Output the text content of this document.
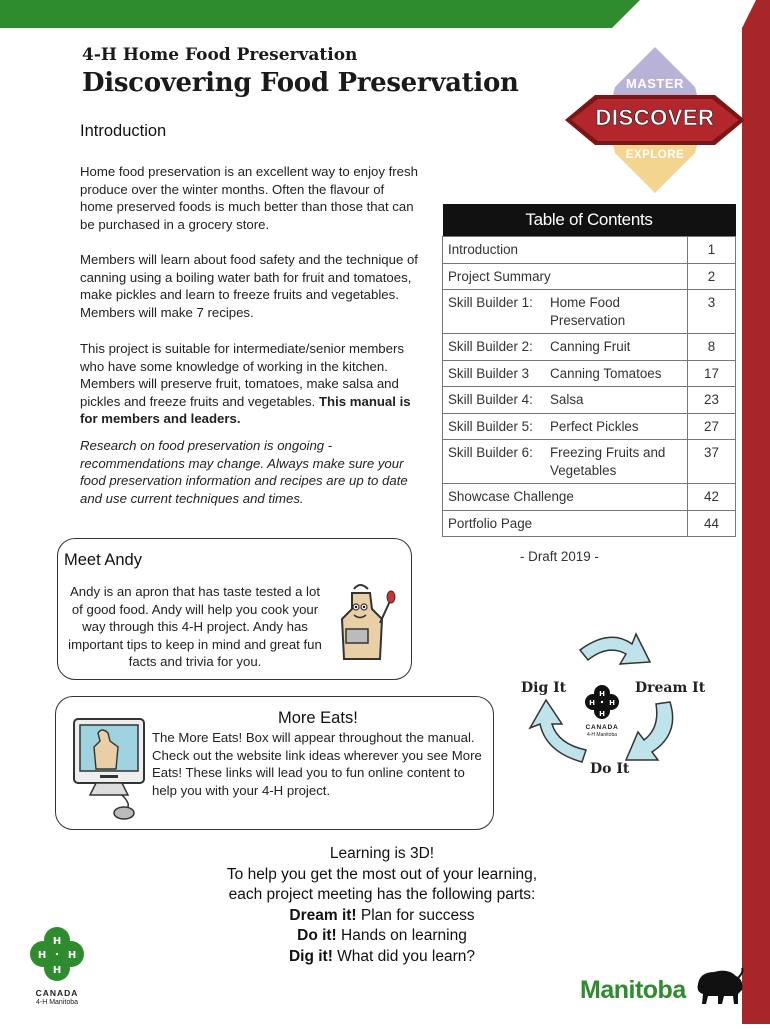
4-H Home Food Preservation
Discovering Food Preservation	MASTER
DISCOVER
EXPLORE
Introduction
Home food preservation is an excellent way to enjoy fresh produce over the winter months. Often the flavour of home preserved foods is much better than those that can be purchased in a grocery store.
Members will learn about food safety and the technique of canning using a boiling water bath for fruit and tomatoes, make pickles and learn to freeze fruits and vegetables. Members will make 7 recipes.
This project is suitable for intermediate/senior members who have some knowledge of working in the kitchen. Members will preserve fruit, tomatoes, make salsa and pickles and freeze fruits and vegetables. This manual is for members and leaders.
Research on food preservation is ongoing - recommendations may change. Always make sure your food preservation information and recipes are up to date and use current techniques and times.
Table of Contents	
Introduction	1
Project Summary	2
Skill Builder 1: Home Food Preservation	3
Skill Builder 2: Canning Fruit	8
Skill Builder 3 Canning Tomatoes	17
Skill Builder 4: Salsa	23
Skill Builder 5: Perfect Pickles	27
Skill Builder 6: Freezing Fruits and Vegetables	37
Showcase Challenge	42
Portfolio Page	44
- Draft 2019 -
Meet Andy
Andy is an apron that has taste tested a lot of good food. Andy will help you cook your way through this 4-H project. Andy has important tips to keep in mind and great fun facts and trivia for you.
More Eats!
The More Eats! Box will appear throughout the manual. Check out the website link ideas wherever you see More Eats! These links will lead you to fun online content to help you with your 4-H project.
H
H
H H
CANADA
4-H Manitoba
Dig It	Dream It
Do It
Learning is 3D!
To help you get the most out of your learning,
each project meeting has the following parts:
Dream it! Plan for success
Do it! Hands on learning
Dig it! What did you learn?
H
H
H H
CANADA
4-H Manitoba	Manitoba
